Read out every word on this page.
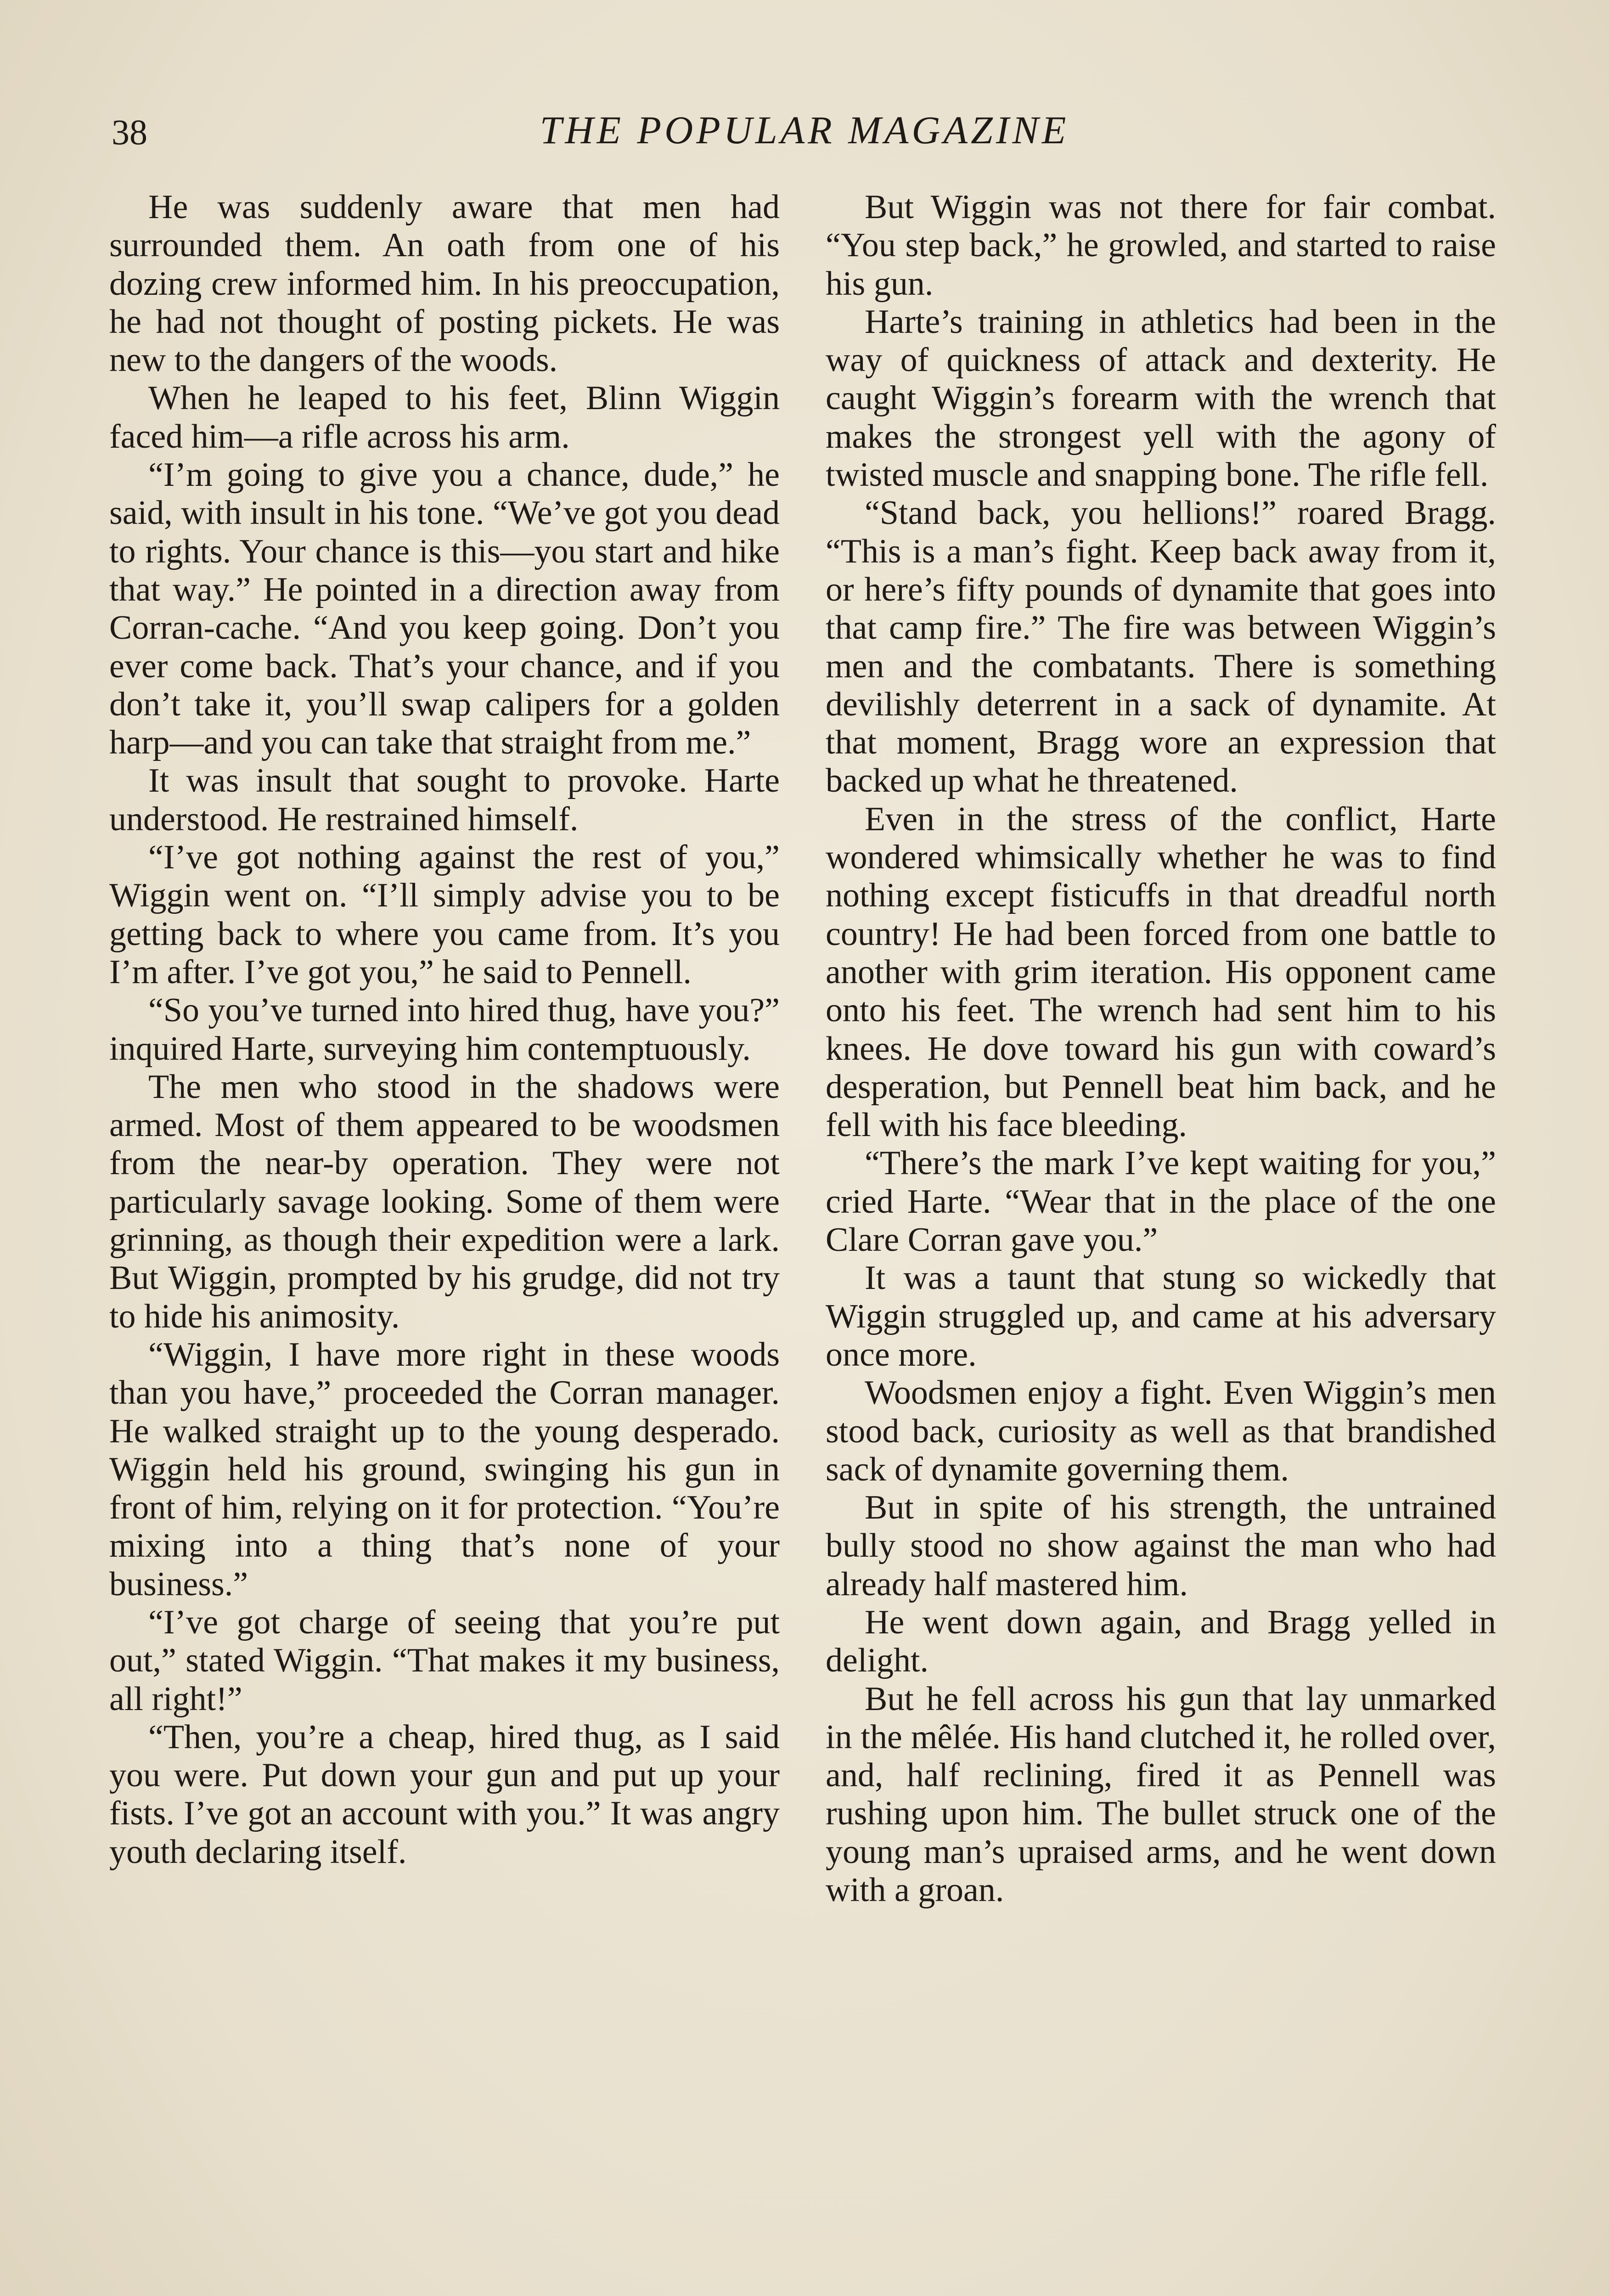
38	THE POPULAR MAGAZINE

He was suddenly aware that men had surrounded them. An oath from one of his dozing crew informed him. In his preoccupation, he had not thought of posting pickets. He was new to the dangers of the woods.

When he leaped to his feet, Blinn Wiggin faced him—a rifle across his arm.

“I’m going to give you a chance, dude,” he said, with insult in his tone. “We’ve got you dead to rights. Your chance is this—you start and hike that way.” He pointed in a direction away from Corran-cache. “And you keep going. Don’t you ever come back. That’s your chance, and if you don’t take it, you’ll swap calipers for a golden harp—and you can take that straight from me.”

It was insult that sought to provoke. Harte understood. He restrained himself.

“I’ve got nothing against the rest of you,” Wiggin went on. “I’ll simply advise you to be getting back to where you came from. It’s you I’m after. I’ve got you,” he said to Pennell.

“So you’ve turned into hired thug, have you?” inquired Harte, surveying him contemptuously.

The men who stood in the shadows were armed. Most of them appeared to be woodsmen from the near-by operation. They were not particularly savage looking. Some of them were grinning, as though their expedition were a lark. But Wiggin, prompted by his grudge, did not try to hide his animosity.

“Wiggin, I have more right in these woods than you have,” proceeded the Corran manager. He walked straight up to the young desperado. Wiggin held his ground, swinging his gun in front of him, relying on it for protection. “You’re mixing into a thing that’s none of your business.”

“I’ve got charge of seeing that you’re put out,” stated Wiggin. “That makes it my business, all right!”

“Then, you’re a cheap, hired thug, as I said you were. Put down your gun and put up your fists. I’ve got an account with you.” It was angry youth declaring itself.

But Wiggin was not there for fair combat. “You step back,” he growled, and started to raise his gun.

Harte’s training in athletics had been in the way of quickness of attack and dexterity. He caught Wiggin’s forearm with the wrench that makes the strongest yell with the agony of twisted muscle and snapping bone. The rifle fell.

“Stand back, you hellions!” roared Bragg. “This is a man’s fight. Keep back away from it, or here’s fifty pounds of dynamite that goes into that camp fire.” The fire was between Wiggin’s men and the combatants. There is something devilishly deterrent in a sack of dynamite. At that moment, Bragg wore an expression that backed up what he threatened.

Even in the stress of the conflict, Harte wondered whimsically whether he was to find nothing except fisticuffs in that dreadful north country! He had been forced from one battle to another with grim iteration. His opponent came onto his feet. The wrench had sent him to his knees. He dove toward his gun with coward’s desperation, but Pennell beat him back, and he fell with his face bleeding.

“There’s the mark I’ve kept waiting for you,” cried Harte. “Wear that in the place of the one Clare Corran gave you.”

It was a taunt that stung so wickedly that Wiggin struggled up, and came at his adversary once more.

Woodsmen enjoy a fight. Even Wiggin’s men stood back, curiosity as well as that brandished sack of dynamite governing them.

But in spite of his strength, the untrained bully stood no show against the man who had already half mastered him.

He went down again, and Bragg yelled in delight.

But he fell across his gun that lay unmarked in the mêlée. His hand clutched it, he rolled over, and, half reclining, fired it as Pennell was rushing upon him. The bullet struck one of the young man’s upraised arms, and he went down with a groan.
